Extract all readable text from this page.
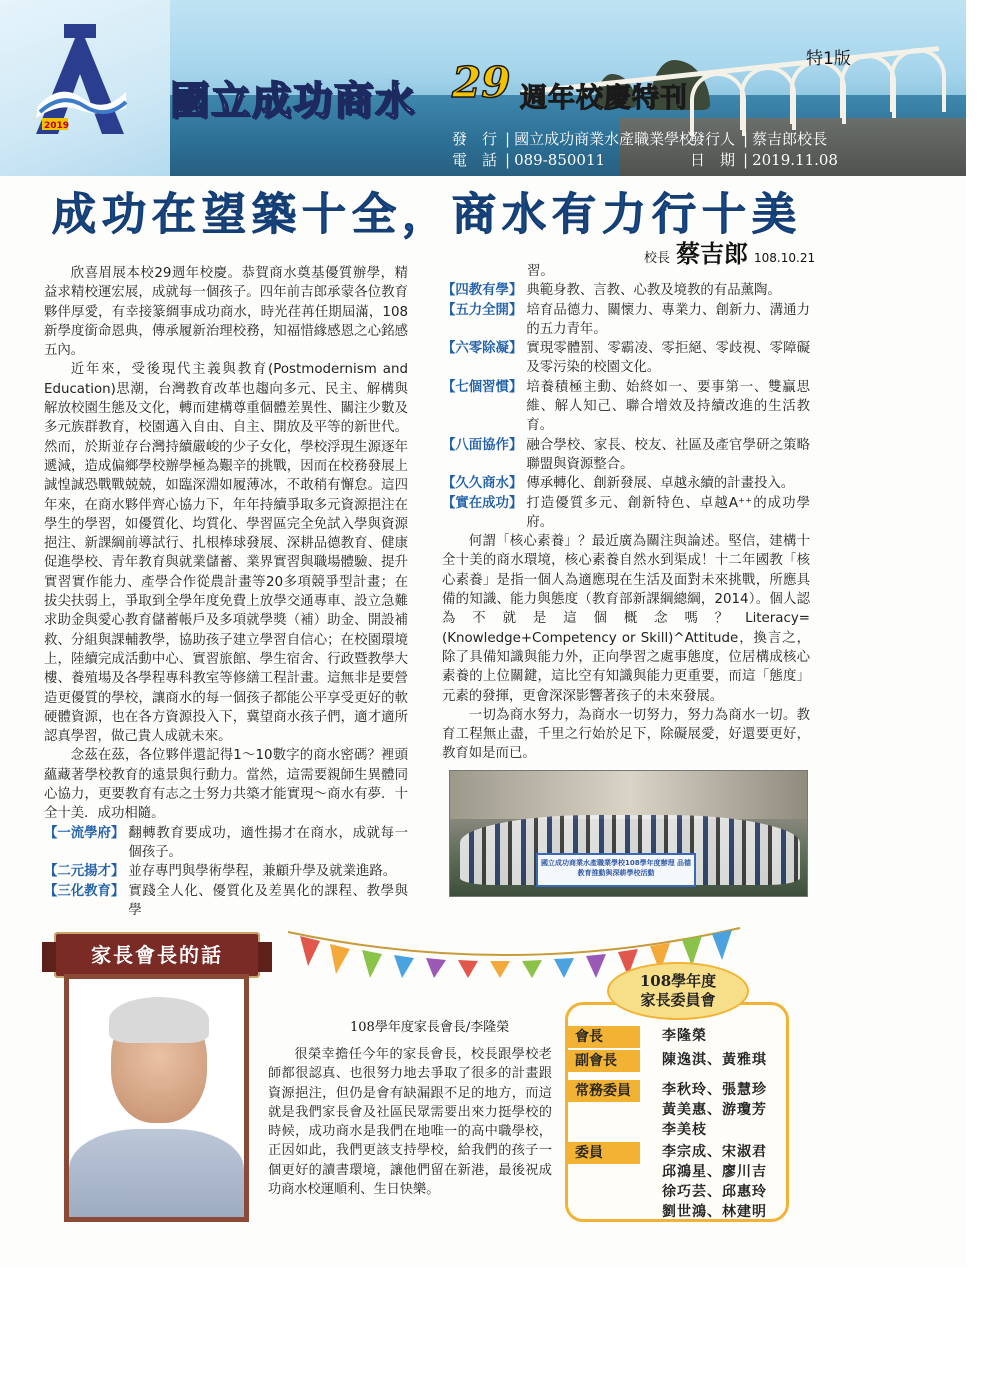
2019
特1版
國立成功商水 29 週年校慶特刊
發　行 | 國立成功商業水產職業學校
發行人 | 蔡吉郎校長
電　話 | 089-850011	日　期 | 2019.11.08
成功在望築十全，商水有力行十美
校長 蔡吉郎 108.10.21

欣喜眉展本校29週年校慶。恭賀商水奠基優質辦學，精益求精校運宏展，成就每一個孩子。四年前吉郎承蒙各位教育夥伴厚愛，有幸接篆綢事成功商水，時光荏苒任期屆滿，108新學度銜命恩典，傳承履新治理校務，知福惜緣感恩之心銘感五內。

近年來，受後現代主義與教育(Postmodernism and Education)思潮，台灣教育改革也趨向多元、民主、解構與解放校園生態及文化，轉而建構尊重個體差異性、關注少數及多元族群教育，校園邁入自由、自主、開放及平等的新世代。然而，於斯並存台灣持續嚴峻的少子女化，學校浮現生源逐年遞減，造成偏鄉學校辦學極為艱辛的挑戰，因而在校務發展上誠惶誠恐戰戰兢兢，如臨深淵如履薄冰，不敢稍有懈怠。這四年來，在商水夥伴齊心協力下，年年持續爭取多元資源挹注在學生的學習，如優質化、均質化、學習區完全免試入學與資源挹注、新課綱前導試行、扎根棒球發展、深耕品德教育、健康促進學校、青年教育與就業儲蓄、業界實習與職場體驗、提升實習實作能力、產學合作從農計畫等20多項競爭型計畫；在拔尖扶弱上，爭取到全學年度免費上放學交通專車、設立急難求助金與愛心教育儲蓄帳戶及多項就學獎（補）助金、開設補救、分組與課輔教學，協助孩子建立學習自信心；在校園環境上，陸續完成活動中心、實習旅館、學生宿舍、行政暨教學大樓、養殖場及各學程專科教室等修繕工程計畫。這無非是要營造更優質的學校，讓商水的每一個孩子都能公平享受更好的軟硬體資源，也在各方資源投入下，冀望商水孩子們，適才適所認真學習，做己貴人成就未來。

念茲在茲，各位夥伴還記得1～10數字的商水密碼？裡頭蘊藏著學校教育的遠景與行動力。當然，這需要親師生異體同心協力，更要教育有志之士努力共築才能實現～商水有夢．十全十美．成功相隨。

【一流學府】 翻轉教育要成功，適性揚才在商水，成就每一個孩子。
【二元揚才】 並存專門與學術學程，兼顧升學及就業進路。
【三化教育】 實踐全人化、優質化及差異化的課程、教學與學
習。
【四教有學】 典範身教、言教、心教及境教的有品薰陶。
【五力全開】 培育品德力、關懷力、專業力、創新力、溝通力的五力青年。
【六零除凝】 實現零體罰、零霸凌、零拒絕、零歧視、零障礙及零污染的校園文化。
【七個習慣】 培養積極主動、始終如一、要事第一、雙贏思維、解人知己、聯合增效及持續改進的生活教育。
【八面協作】 融合學校、家長、校友、社區及產官學研之策略聯盟與資源整合。
【久久商水】 傳承轉化、創新發展、卓越永續的計畫投入。
【實在成功】 打造優質多元、創新特色、卓越A⁺⁺的成功學府。

何謂「核心素養」？最近廣為關注與論述。堅信，建構十全十美的商水環境，核心素養自然水到渠成！十二年國教「核心素養」是指一個人為適應現在生活及面對未來挑戰，所應具備的知識、能力與態度（教育部新課綱總綱，2014）。個人認為不就是這個概念嗎？Literacy=(Knowledge+Competency or Skill)^Attitude，換言之，除了具備知識與能力外，正向學習之處事態度，位居構成核心素養的上位關鍵，這比空有知識與能力更重要，而這「態度」元素的發揮，更會深深影響著孩子的未來發展。

一切為商水努力，為商水一切努力，努力為商水一切。教育工程無止盡，千里之行始於足下，除礙展愛，好還要更好，教育如是而已。

國立成功商業水產職業學校108學年度辦理 品德教育推動與深耕學校活動
家長會長的話
108學年度家長會長/李隆榮
很榮幸擔任今年的家長會長，校長跟學校老師都很認真、也很努力地去爭取了很多的計畫跟資源挹注，但仍是會有缺漏跟不足的地方，而這就是我們家長會及社區民眾需要出來力挺學校的時候，成功商水是我們在地唯一的高中職學校，正因如此，我們更該支持學校，給我們的孩子一個更好的讀書環境，讓他們留在新港，最後祝成功商水校運順利、生日快樂。
108學年度
家長委員會
會長	李隆榮
副會長	陳逸淇、黃雅琪
常務委員	李秋玲、張慧珍
黃美惠、游瓊芳
李美枝
委員	李宗成、宋淑君
邱鴻星、廖川吉
徐巧芸、邱惠玲
劉世鴻、林建明
